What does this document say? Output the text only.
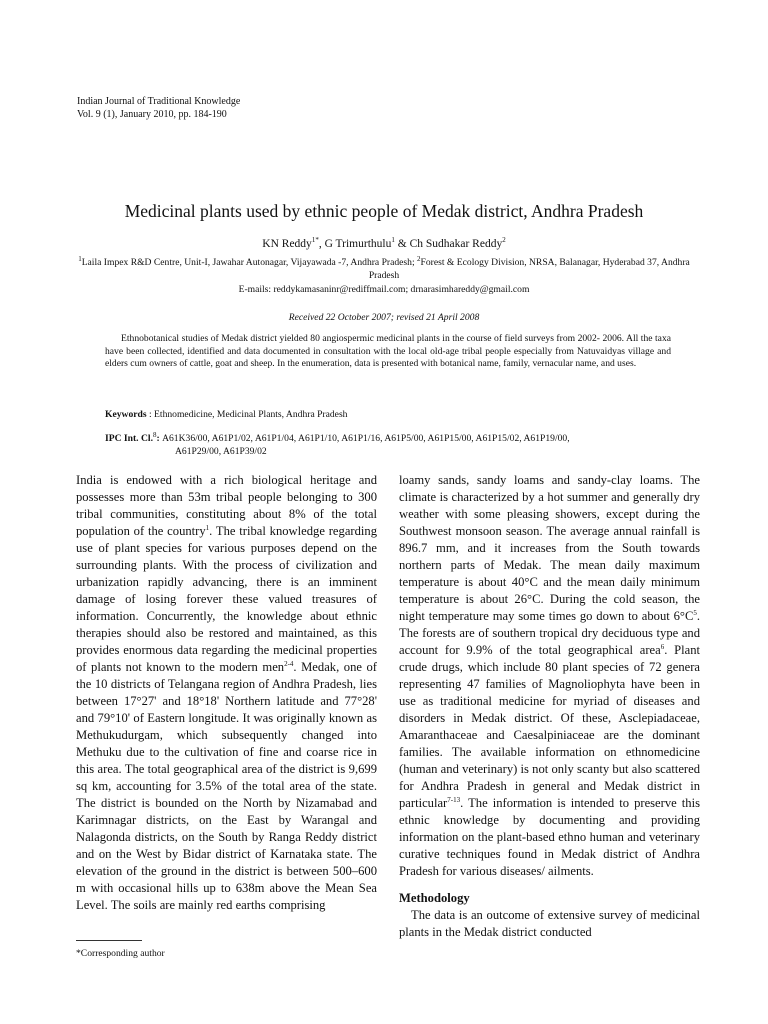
Indian Journal of Traditional Knowledge
Vol. 9 (1), January 2010, pp. 184-190
Medicinal plants used by ethnic people of Medak district, Andhra Pradesh
KN Reddy$^{1*}$, G Trimurthulu$^1$ & Ch Sudhakar Reddy$^2$
$^1$Laila Impex R&D Centre, Unit-I, Jawahar Autonagar, Vijayawada -7, Andhra Pradesh; $^2$Forest & Ecology Division, NRSA, Balanagar, Hyderabad 37, Andhra Pradesh
E-mails: reddykamasaninr@rediffmail.com; drnarasimhareddy@gmail.com
Received 22 October 2007; revised 21 April 2008
Ethnobotanical studies of Medak district yielded 80 angiospermic medicinal plants in the course of field surveys from 2002- 2006. All the taxa have been collected, identified and data documented in consultation with the local old-age tribal people especially from Natuvaidyas village and elders cum owners of cattle, goat and sheep. In the enumeration, data is presented with botanical name, family, vernacular name, and uses.
Keywords : Ethnomedicine, Medicinal Plants, Andhra Pradesh
IPC Int. Cl.$^8$: A61K36/00, A61P1/02, A61P1/04, A61P1/10, A61P1/16, A61P5/00, A61P15/00, A61P15/02, A61P19/00,
A61P29/00, A61P39/02

India is endowed with a rich biological heritage and possesses more than 53m tribal people belonging to 300 tribal communities, constituting about 8% of the total population of the country$^1$. The tribal knowledge regarding use of plant species for various purposes depend on the surrounding plants. With the process of civilization and urbanization rapidly advancing, there is an imminent damage of losing forever these valued treasures of information. Concurrently, the knowledge about ethnic therapies should also be restored and maintained, as this provides enormous data regarding the medicinal properties of plants not known to the modern men$^{2-4}$. Medak, one of the 10 districts of Telangana region of Andhra Pradesh, lies between 17°27' and 18°18' Northern latitude and 77°28' and 79°10' of Eastern longitude. It was originally known as Methukudurgam, which subsequently changed into Methuku due to the cultivation of fine and coarse rice in this area. The total geographical area of the district is 9,699 sq km, accounting for 3.5% of the total area of the state. The district is bounded on the North by Nizamabad and Karimnagar districts, on the East by Warangal and Nalagonda districts, on the South by Ranga Reddy district and on the West by Bidar district of Karnataka state. The elevation of the ground in the district is between 500–600 m with occasional hills up to 638m above the Mean Sea Level. The soils are mainly red earths comprising

loamy sands, sandy loams and sandy-clay loams. The climate is characterized by a hot summer and generally dry weather with some pleasing showers, except during the Southwest monsoon season. The average annual rainfall is 896.7 mm, and it increases from the South towards northern parts of Medak. The mean daily maximum temperature is about 40°C and the mean daily minimum temperature is about 26°C. During the cold season, the night temperature may some times go down to about $6^\circ C^5$. The forests are of southern tropical dry deciduous type and account for 9.9% of the total geographical area$^6$. Plant crude drugs, which include 80 plant species of 72 genera representing 47 families of Magnoliophyta have been in use as traditional medicine for myriad of diseases and disorders in Medak district. Of these, Asclepiadaceae, Amaranthaceae and Caesalpiniaceae are the dominant families. The available information on ethnomedicine (human and veterinary) is not only scanty but also scattered for Andhra Pradesh in general and Medak district in particular$^{7-13}$. The information is intended to preserve this ethnic knowledge by documenting and providing information on the plant-based ethno human and veterinary curative techniques found in Medak district of Andhra Pradesh for various diseases/ ailments.

Methodology

The data is an outcome of extensive survey of medicinal plants in the Medak district conducted

*Corresponding author
